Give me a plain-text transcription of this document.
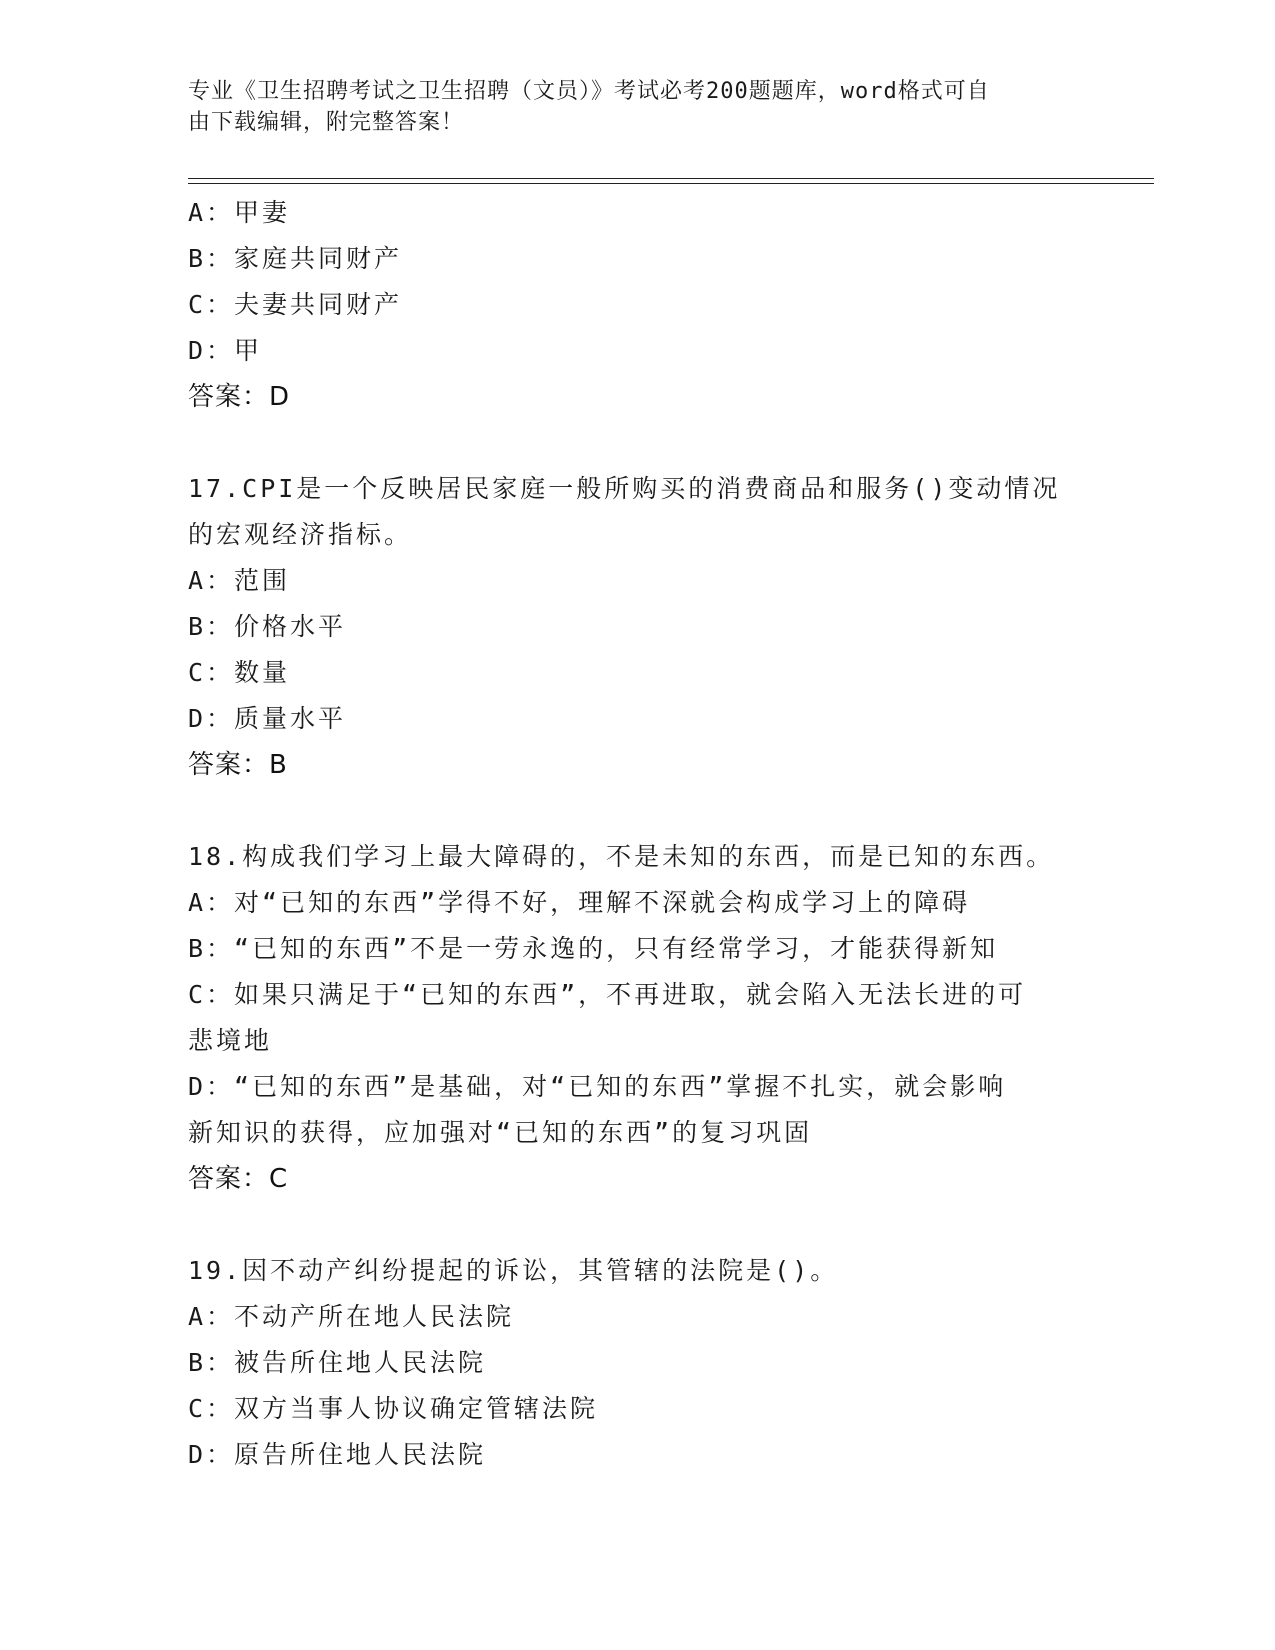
专业《卫生招聘考试之卫生招聘（文员）》考试必考200题题库，word格式可自
由下载编辑，附完整答案！
A：甲妻
B：家庭共同财产
C：夫妻共同财产
D：甲
答案：D
17.CPI是一个反映居民家庭一般所购买的消费商品和服务()变动情况
的宏观经济指标。
A：范围
B：价格水平
C：数量
D：质量水平
答案：B
18.构成我们学习上最大障碍的，不是未知的东西，而是已知的东西。
A：对“已知的东西”学得不好，理解不深就会构成学习上的障碍
B：“已知的东西”不是一劳永逸的，只有经常学习，才能获得新知
C：如果只满足于“已知的东西”，不再进取，就会陷入无法长进的可
悲境地
D：“已知的东西”是基础，对“已知的东西”掌握不扎实，就会影响
新知识的获得，应加强对“已知的东西”的复习巩固
答案：C
19.因不动产纠纷提起的诉讼，其管辖的法院是()。
A：不动产所在地人民法院
B：被告所住地人民法院
C：双方当事人协议确定管辖法院
D：原告所住地人民法院
